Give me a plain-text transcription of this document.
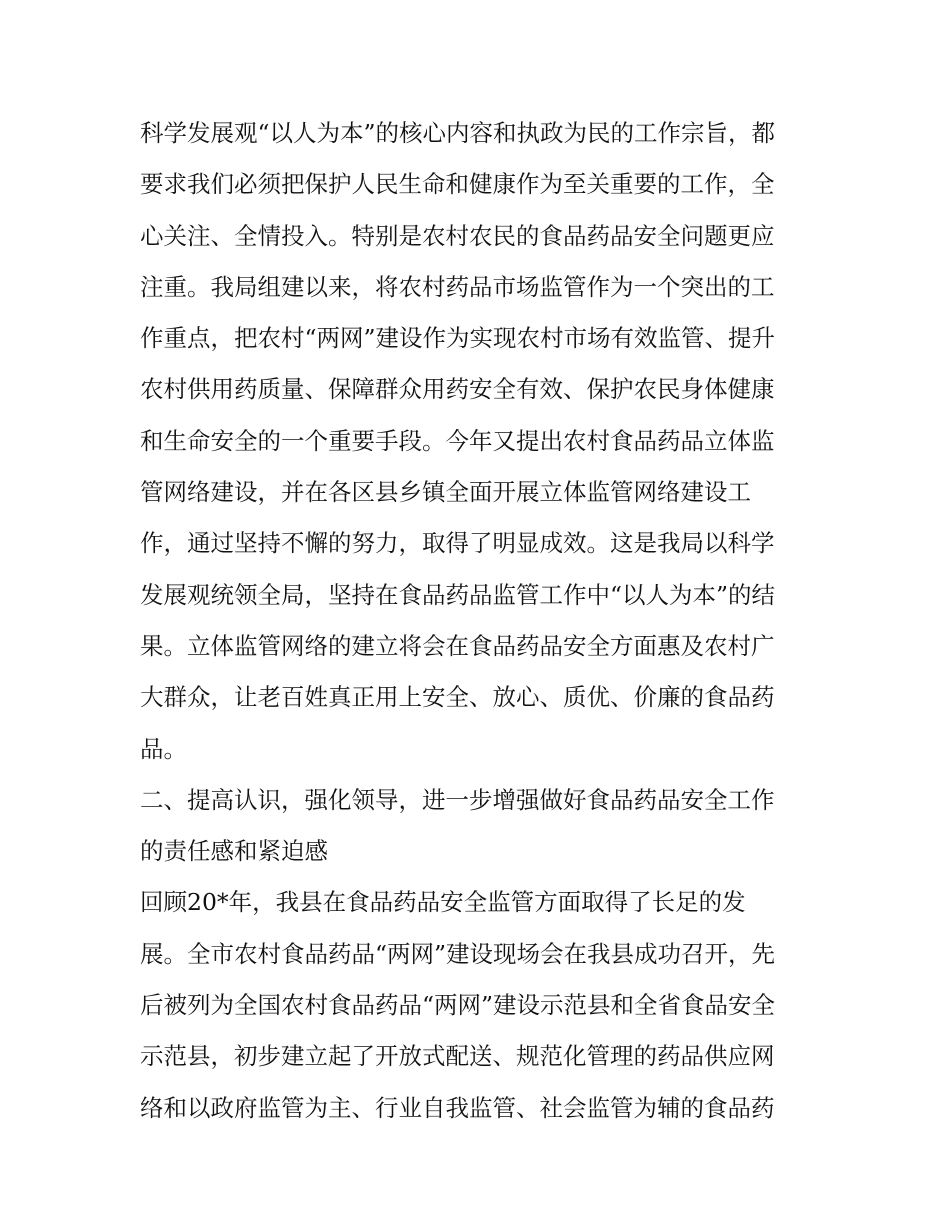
科学发展观“以人为本”的核心内容和执政为民的工作宗旨，都
要求我们必须把保护人民生命和健康作为至关重要的工作，全
心关注、全情投入。特别是农村农民的食品药品安全问题更应
注重。我局组建以来，将农村药品市场监管作为一个突出的工
作重点，把农村“两网”建设作为实现农村市场有效监管、提升
农村供用药质量、保障群众用药安全有效、保护农民身体健康
和生命安全的一个重要手段。今年又提出农村食品药品立体监
管网络建设，并在各区县乡镇全面开展立体监管网络建设工
作，通过坚持不懈的努力，取得了明显成效。这是我局以科学
发展观统领全局，坚持在食品药品监管工作中“以人为本”的结
果。立体监管网络的建立将会在食品药品安全方面惠及农村广
大群众，让老百姓真正用上安全、放心、质优、价廉的食品药
品。
二、提高认识，强化领导，进一步增强做好食品药品安全工作
的责任感和紧迫感
回顾20*年，我县在食品药品安全监管方面取得了长足的发
展。全市农村食品药品“两网”建设现场会在我县成功召开，先
后被列为全国农村食品药品“两网”建设示范县和全省食品安全
示范县，初步建立起了开放式配送、规范化管理的药品供应网
络和以政府监管为主、行业自我监管、社会监管为辅的食品药
